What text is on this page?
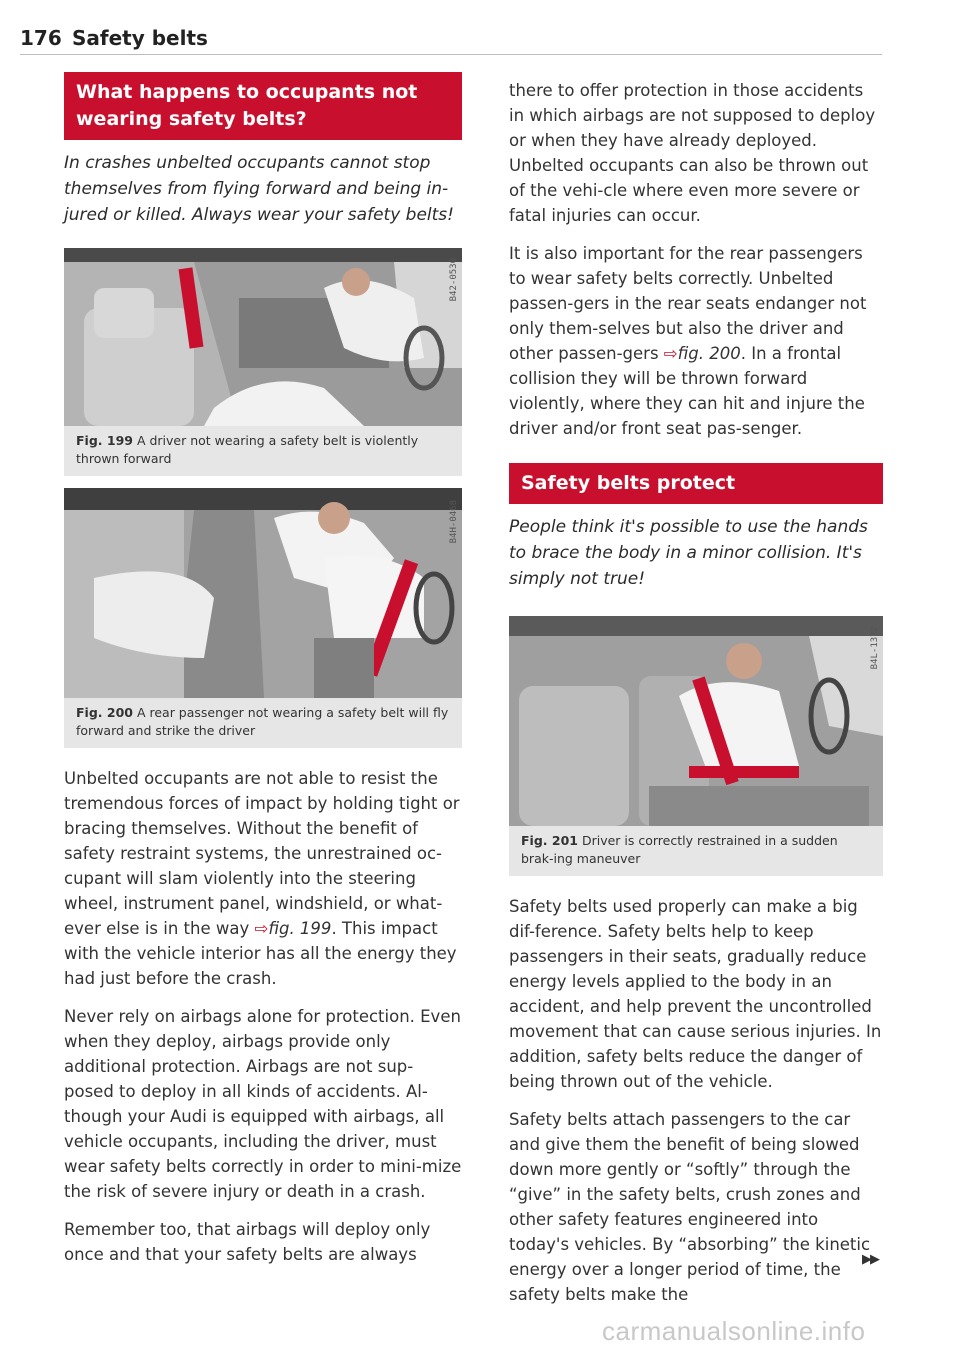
176 Safety belts
What happens to occupants not wearing safety belts?

In crashes unbelted occupants cannot stop themselves from flying forward and being in-jured or killed. Always wear your safety belts!

B42-0530
Fig. 199 A driver not wearing a safety belt is violently thrown forward
B4H-0468
Fig. 200 A rear passenger not wearing a safety belt will fly forward and strike the driver

Unbelted occupants are not able to resist the tremendous forces of impact by holding tight or bracing themselves. Without the benefit of safety restraint systems, the unrestrained oc-cupant will slam violently into the steering wheel, instrument panel, windshield, or what-ever else is in the way ⇨fig. 199. This impact with the vehicle interior has all the energy they had just before the crash.

Never rely on airbags alone for protection. Even when they deploy, airbags provide only additional protection. Airbags are not sup-posed to deploy in all kinds of accidents. Al-though your Audi is equipped with airbags, all vehicle occupants, including the driver, must wear safety belts correctly in order to mini-mize the risk of severe injury or death in a crash.

Remember too, that airbags will deploy only once and that your safety belts are always

there to offer protection in those accidents in which airbags are not supposed to deploy or when they have already deployed. Unbelted occupants can also be thrown out of the vehi-cle where even more severe or fatal injuries can occur.

It is also important for the rear passengers to wear safety belts correctly. Unbelted passen-gers in the rear seats endanger not only them-selves but also the driver and other passen-gers ⇨fig. 200. In a frontal collision they will be thrown forward violently, where they can hit and injure the driver and/or front seat pas-senger.

Safety belts protect

People think it's possible to use the hands to brace the body in a minor collision. It's simply not true!

B4L-1372
Fig. 201 Driver is correctly restrained in a sudden brak-ing maneuver

Safety belts used properly can make a big dif-ference. Safety belts help to keep passengers in their seats, gradually reduce energy levels applied to the body in an accident, and help prevent the uncontrolled movement that can cause serious injuries. In addition, safety belts reduce the danger of being thrown out of the vehicle.

Safety belts attach passengers to the car and give them the benefit of being slowed down more gently or “softly” through the “give” in the safety belts, crush zones and other safety features engineered into today's vehicles. By “absorbing” the kinetic energy over a longer period of time, the safety belts make the

▶▶
carmanualsonline.info
